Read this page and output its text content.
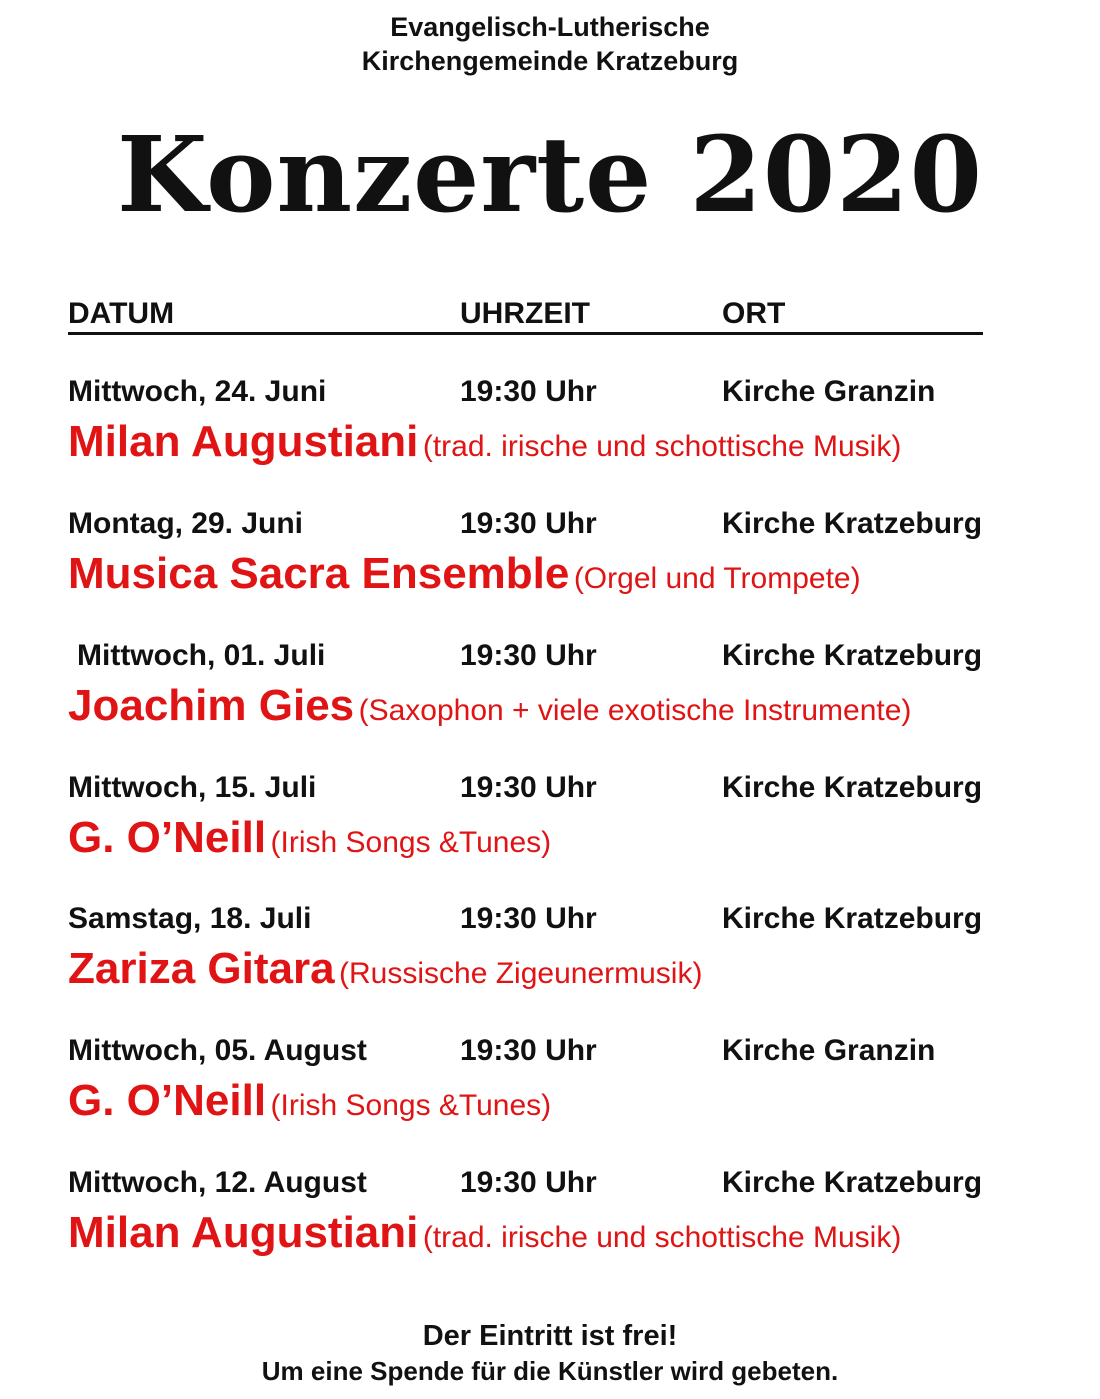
Evangelisch-Lutherische
Kirchengemeinde Kratzeburg
Konzerte 2020
DATUM	UHRZEIT	ORT
Mittwoch, 24. Juni	19:30 Uhr	Kirche Granzin
Milan Augustiani (trad. irische und schottische Musik)
Montag, 29. Juni	19:30 Uhr	Kirche Kratzeburg
Musica Sacra Ensemble (Orgel und Trompete)
Mittwoch, 01. Juli	19:30 Uhr	Kirche Kratzeburg
Joachim Gies (Saxophon + viele exotische Instrumente)
Mittwoch, 15. Juli	19:30 Uhr	Kirche Kratzeburg
G. O’Neill (Irish Songs &Tunes)
Samstag, 18. Juli	19:30 Uhr	Kirche Kratzeburg
Zariza Gitara (Russische Zigeunermusik)
Mittwoch, 05. August	19:30 Uhr	Kirche Granzin
G. O’Neill (Irish Songs &Tunes)
Mittwoch, 12. August	19:30 Uhr	Kirche Kratzeburg
Milan Augustiani (trad. irische und schottische Musik)
Der Eintritt ist frei!
Um eine Spende für die Künstler wird gebeten.
